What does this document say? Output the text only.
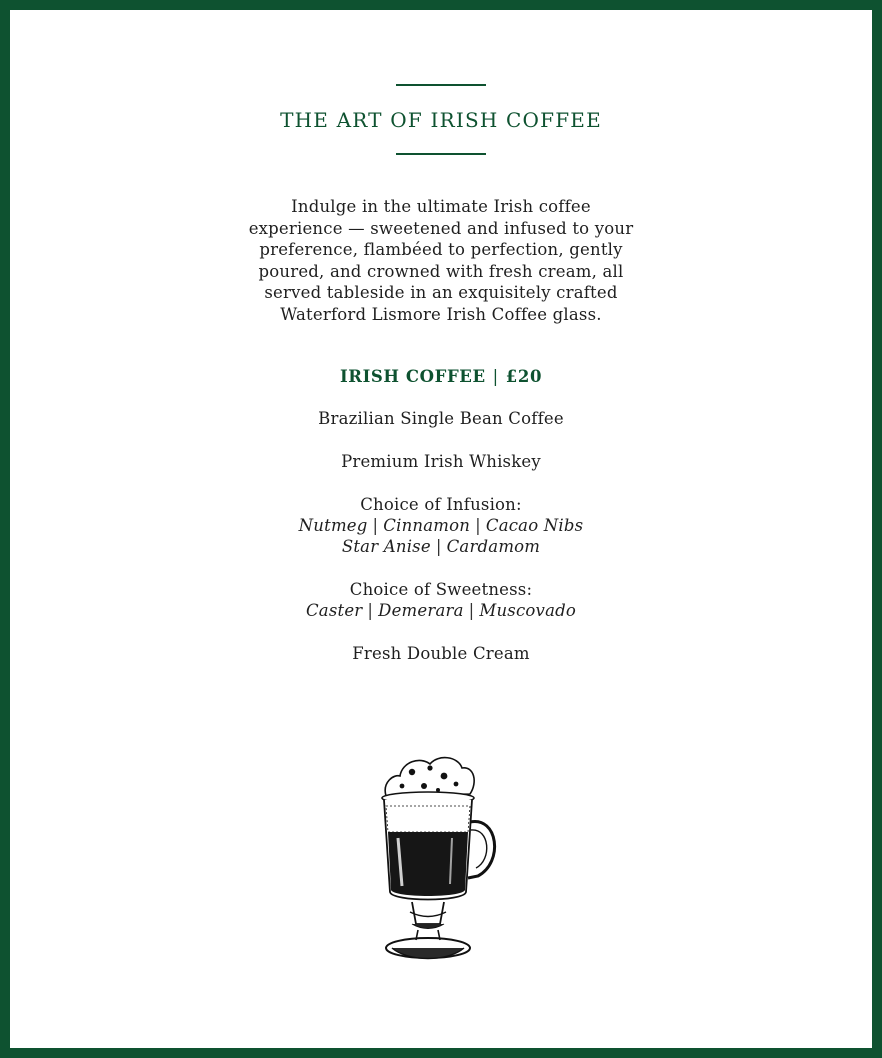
THE ART OF IRISH COFFEE
Indulge in the ultimate Irish coffee
experience — sweetened and infused to your
preference, flambéed to perfection, gently
poured, and crowned with fresh cream, all
served tableside in an exquisitely crafted
Waterford Lismore Irish Coffee glass.
IRISH COFFEE | £20
Brazilian Single Bean Coffee
Premium Irish Whiskey
Choice of Infusion:
Nutmeg | Cinnamon | Cacao Nibs
Star Anise | Cardamom
Choice of Sweetness:
Caster | Demerara | Muscovado
Fresh Double Cream
